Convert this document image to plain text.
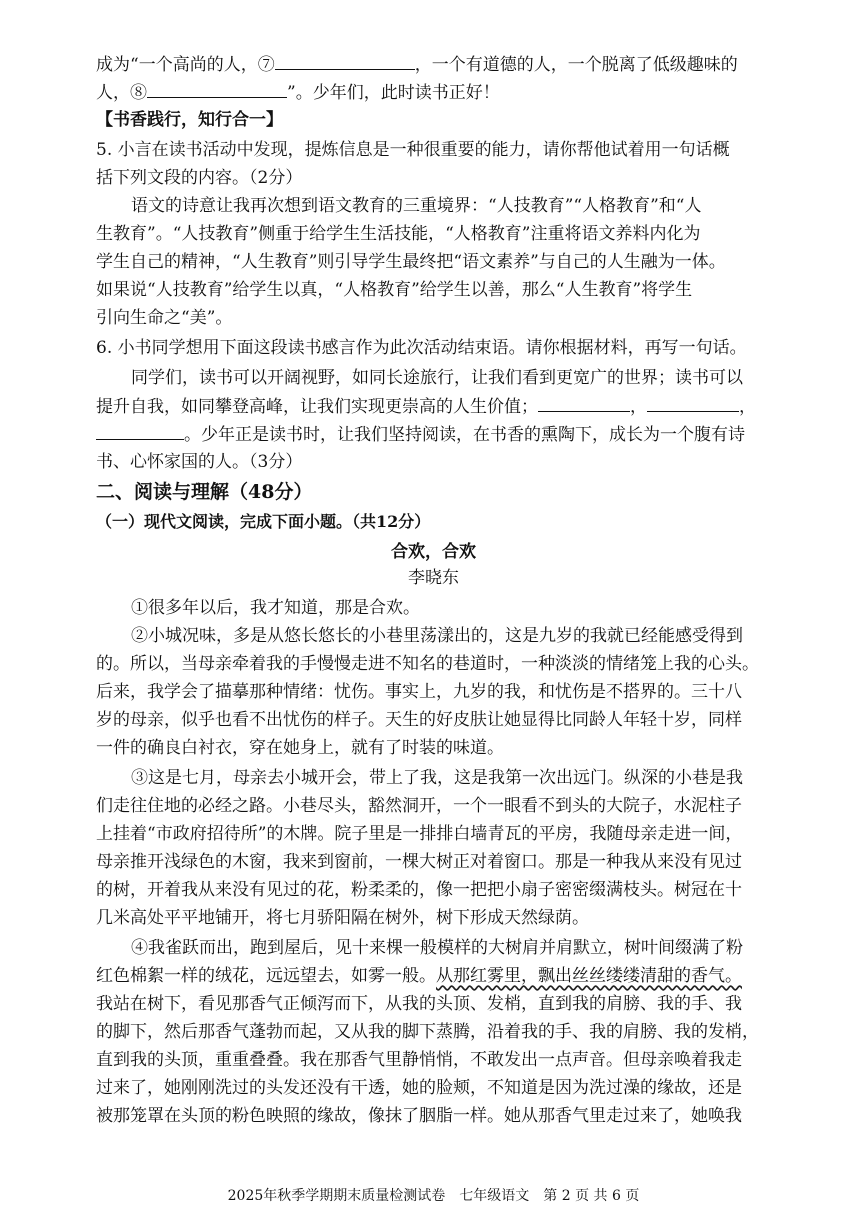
成为“一个高尚的人，⑦	，一个有道德的人，一个脱离了低级趣味的
人，⑧	”。少年们，此时读书正好！
【书香践行，知行合一】
5. 小言在读书活动中发现，提炼信息是一种很重要的能力，请你帮他试着用一句话概
括下列文段的内容。（2分）
语文的诗意让我再次想到语文教育的三重境界：“人技教育”“人格教育”和“人
生教育”。“人技教育”侧重于给学生生活技能，“人格教育”注重将语文养料内化为
学生自己的精神，“人生教育”则引导学生最终把“语文素养”与自己的人生融为一体。
如果说“人技教育”给学生以真，“人格教育”给学生以善，那么“人生教育”将学生
引向生命之“美”。
6. 小书同学想用下面这段读书感言作为此次活动结束语。请你根据材料，再写一句话。
同学们，读书可以开阔视野，如同长途旅行，让我们看到更宽广的世界；读书可以
提升自我，如同攀登高峰，让我们实现更崇高的人生价值；	，	，
。少年正是读书时，让我们坚持阅读，在书香的熏陶下，成长为一个腹有诗
书、心怀家国的人。（3分）
二、阅读与理解（48分）
（一）现代文阅读，完成下面小题。（共12分）
合欢，合欢
李晓东
①很多年以后，我才知道，那是合欢。
②小城况味，多是从悠长悠长的小巷里荡漾出的，这是九岁的我就已经能感受得到
的。所以，当母亲牵着我的手慢慢走进不知名的巷道时，一种淡淡的情绪笼上我的心头。
后来，我学会了描摹那种情绪：忧伤。事实上，九岁的我，和忧伤是不搭界的。三十八
岁的母亲，似乎也看不出忧伤的样子。天生的好皮肤让她显得比同龄人年轻十岁，同样
一件的确良白衬衣，穿在她身上，就有了时装的味道。
③这是七月，母亲去小城开会，带上了我，这是我第一次出远门。纵深的小巷是我
们走往住地的必经之路。小巷尽头，豁然洞开，一个一眼看不到头的大院子，水泥柱子
上挂着“市政府招待所”的木牌。院子里是一排排白墙青瓦的平房，我随母亲走进一间，
母亲推开浅绿色的木窗，我来到窗前，一棵大树正对着窗口。那是一种我从来没有见过
的树，开着我从来没有见过的花，粉柔柔的，像一把把小扇子密密缀满枝头。树冠在十
几米高处平平地铺开，将七月骄阳隔在树外，树下形成天然绿荫。
④我雀跃而出，跑到屋后，见十来棵一般模样的大树肩并肩默立，树叶间缀满了粉
红色棉絮一样的绒花，远远望去，如雾一般。从那红雾里，飘出丝丝缕缕清甜的香气。
我站在树下，看见那香气正倾泻而下，从我的头顶、发梢，直到我的肩膀、我的手、我
的脚下，然后那香气蓬勃而起，又从我的脚下蒸腾，沿着我的手、我的肩膀、我的发梢，
直到我的头顶，重重叠叠。我在那香气里静悄悄，不敢发出一点声音。但母亲唤着我走
过来了，她刚刚洗过的头发还没有干透，她的脸颊，不知道是因为洗过澡的缘故，还是
被那笼罩在头顶的粉色映照的缘故，像抹了胭脂一样。她从那香气里走过来了，她唤我
2025年秋季学期期末质量检测试卷　七年级语文　第 2 页 共 6 页
